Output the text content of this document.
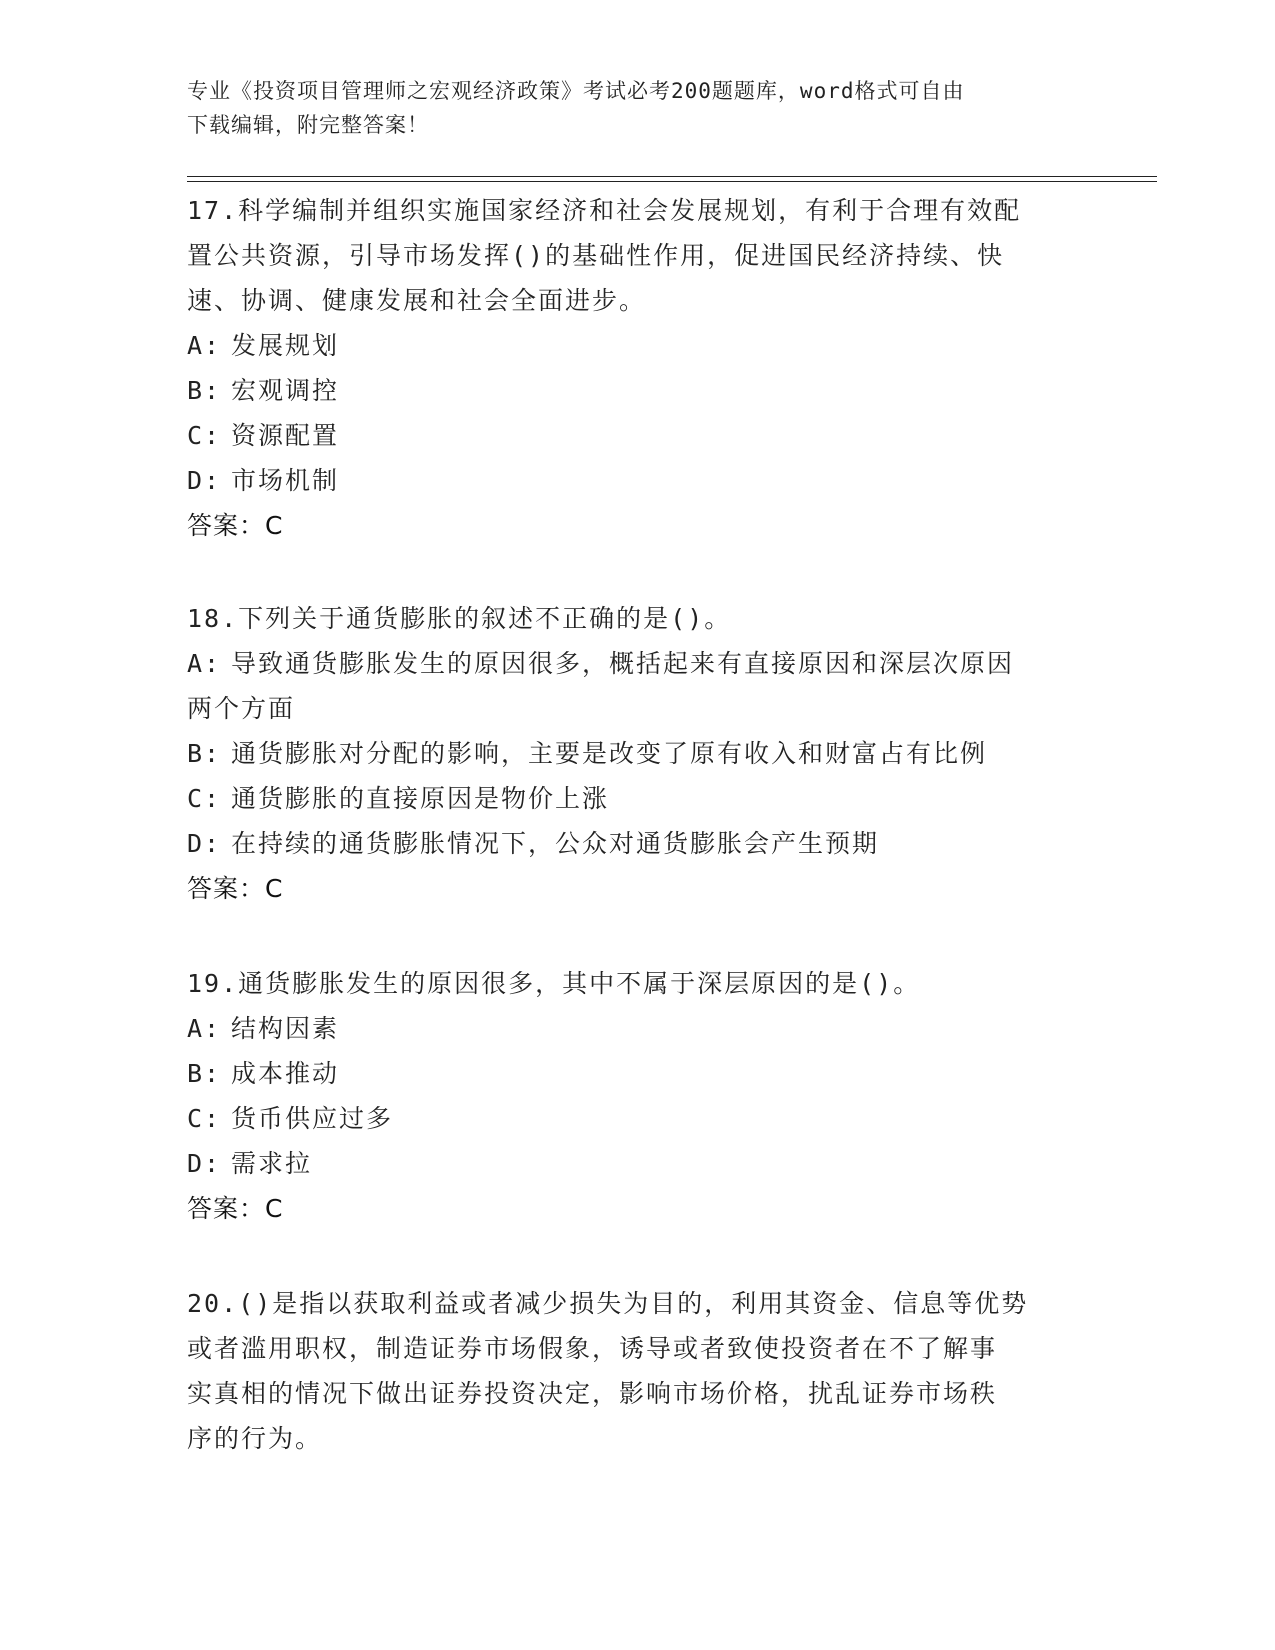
专业《投资项目管理师之宏观经济政策》考试必考200题题库，word格式可自由
下载编辑，附完整答案！

17.科学编制并组织实施国家经济和社会发展规划，有利于合理有效配

置公共资源，引导市场发挥()的基础性作用，促进国民经济持续、快

速、协调、健康发展和社会全面进步。

A: 发展规划
B: 宏观调控
C: 资源配置
D: 市场机制

答案：C

18.下列关于通货膨胀的叙述不正确的是()。

A: 导致通货膨胀发生的原因很多，概括起来有直接原因和深层次原因

两个方面

B: 通货膨胀对分配的影响，主要是改变了原有收入和财富占有比例
C: 通货膨胀的直接原因是物价上涨
D: 在持续的通货膨胀情况下，公众对通货膨胀会产生预期

答案：C

19.通货膨胀发生的原因很多，其中不属于深层原因的是()。

A: 结构因素
B: 成本推动
C: 货币供应过多
D: 需求拉

答案：C

20.()是指以获取利益或者减少损失为目的，利用其资金、信息等优势

或者滥用职权，制造证券市场假象，诱导或者致使投资者在不了解事

实真相的情况下做出证券投资决定，影响市场价格，扰乱证券市场秩

序的行为。
